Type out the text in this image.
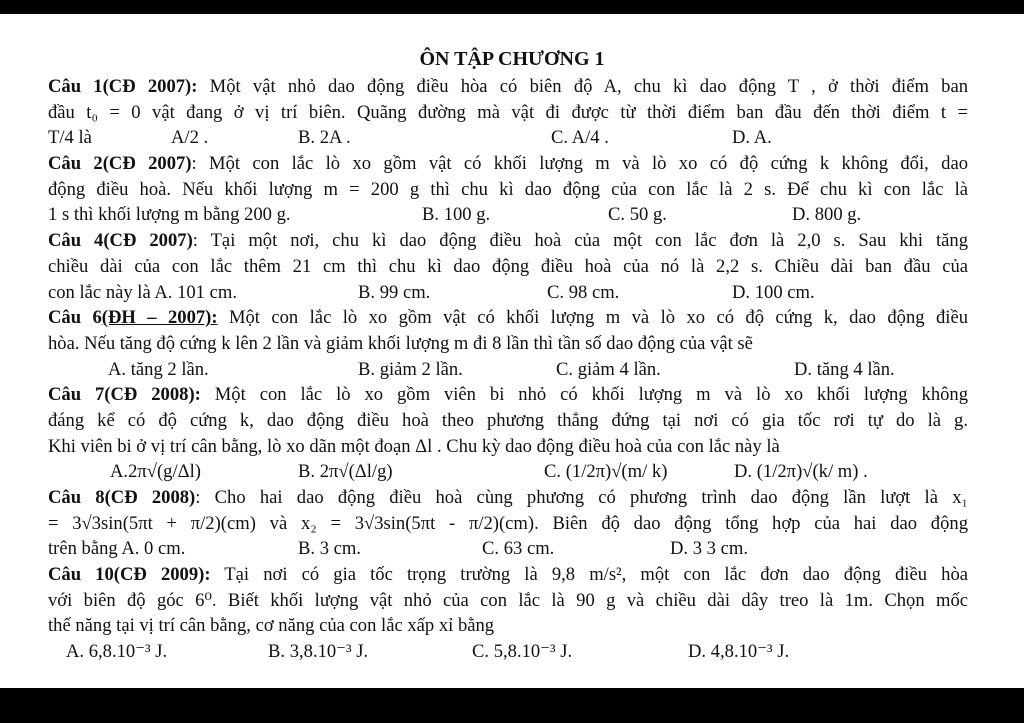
ÔN TẬP CHƯƠNG 1
Câu 1(CĐ 2007): Một vật nhỏ dao động điều hòa có biên độ A, chu kì dao động T , ở thời điểm ban
đầu t₀ = 0 vật đang ở vị trí biên. Quãng đường mà vật đi được từ thời điểm ban đầu đến thời điểm t =
T/4 là	A/2 .	B. 2A .	C. A/4 .	D. A.
Câu 2(CĐ 2007): Một con lắc lò xo gồm vật có khối lượng m và lò xo có độ cứng k không đổi, dao
động điều hoà. Nếu khối lượng m = 200 g thì chu kì dao động của con lắc là 2 s. Để chu kì con lắc là
1 s thì khối lượng m bằng 200 g.	B. 100 g.	C. 50 g.	D. 800 g.
Câu 4(CĐ 2007): Tại một nơi, chu kì dao động điều hoà của một con lắc đơn là 2,0 s. Sau khi tăng
chiều dài của con lắc thêm 21 cm thì chu kì dao động điều hoà của nó là 2,2 s. Chiều dài ban đầu của
con lắc này là A. 101 cm.	B. 99 cm.	C. 98 cm.	D. 100 cm.
Câu 6(ĐH – 2007): Một con lắc lò xo gồm vật có khối lượng m và lò xo có độ cứng k, dao động điều
hòa. Nếu tăng độ cứng k lên 2 lần và giảm khối lượng m đi 8 lần thì tần số dao động của vật sẽ
A. tăng 2 lần.	B. giảm 2 lần.	C. giảm 4 lần.	D. tăng 4 lần.
Câu 7(CĐ 2008): Một con lắc lò xo gồm viên bi nhỏ có khối lượng m và lò xo khối lượng không
đáng kể có độ cứng k, dao động điều hoà theo phương thẳng đứng tại nơi có gia tốc rơi tự do là g.
Khi viên bi ở vị trí cân bằng, lò xo dãn một đoạn Δl . Chu kỳ dao động điều hoà của con lắc này là
A.2π√(g/Δl)	B. 2π√(Δl/g)	C. (1/2π)√(m/ k)	D. (1/2π)√(k/ m) .
Câu 8(CĐ 2008): Cho hai dao động điều hoà cùng phương có phương trình dao động lần lượt là x₁
= 3√3sin(5πt + π/2)(cm) và x₂ = 3√3sin(5πt - π/2)(cm). Biên độ dao động tổng hợp của hai dao động
trên bằng A. 0 cm.	B. 3 cm.	C. 63 cm.	D. 3 3 cm.
Câu 10(CĐ 2009): Tại nơi có gia tốc trọng trường là 9,8 m/s², một con lắc đơn dao động điều hòa
với biên độ góc 6⁰. Biết khối lượng vật nhỏ của con lắc là 90 g và chiều dài dây treo là 1m. Chọn mốc
thế năng tại vị trí cân bằng, cơ năng của con lắc xấp xỉ bằng
A. 6,8.10⁻³ J.	B. 3,8.10⁻³ J.	C. 5,8.10⁻³ J.	D. 4,8.10⁻³ J.
